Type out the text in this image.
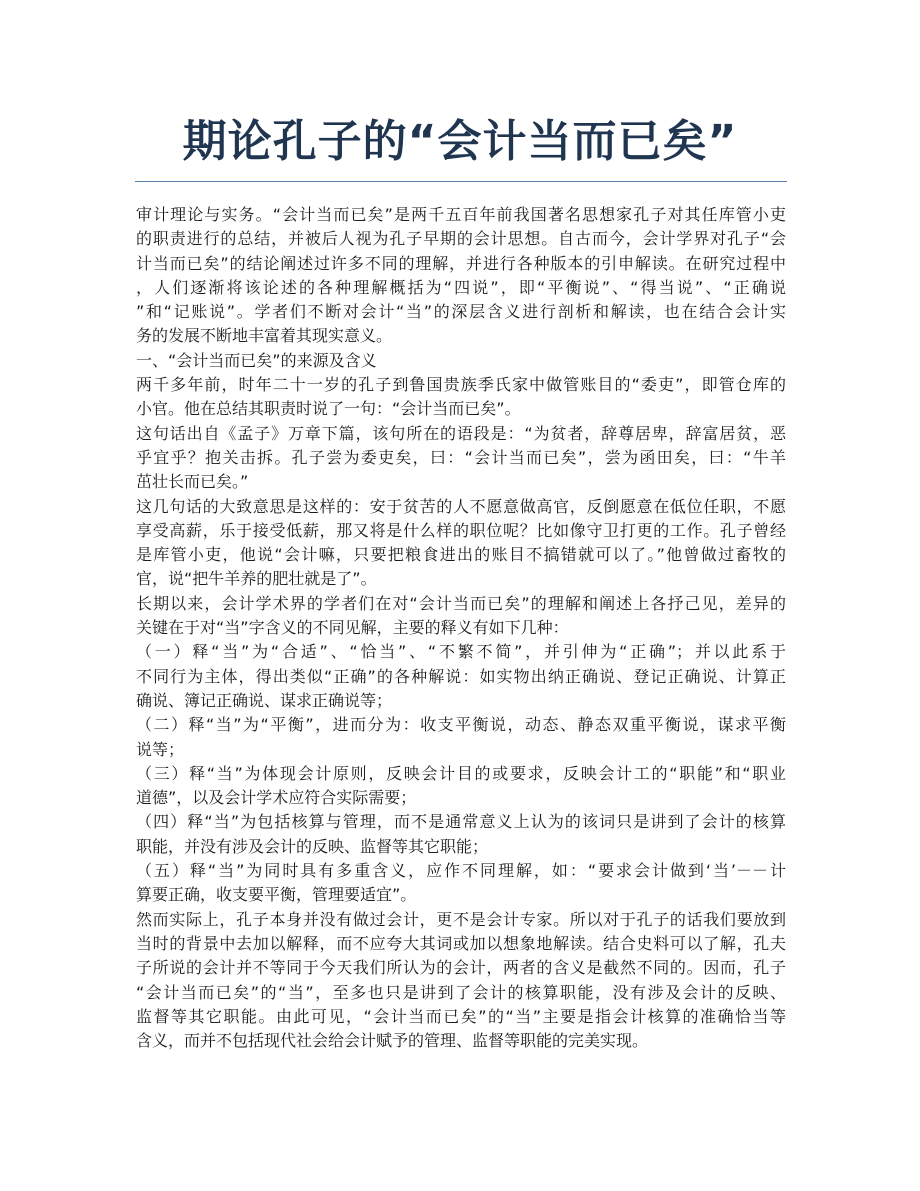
期论孔子的“会计当而已矣”
审计理论与实务。“会计当而已矣”是两千五百年前我国著名思想家孔子对其任库管小吏
的职责进行的总结，并被后人视为孔子早期的会计思想。自古而今，会计学界对孔子“会
计当而已矣”的结论阐述过许多不同的理解，并进行各种版本的引申解读。在研究过程中
，人们逐渐将该论述的各种理解概括为“四说”，即“平衡说”、“得当说”、“正确说
”和“记账说”。学者们不断对会计“当”的深层含义进行剖析和解读，也在结合会计实
务的发展不断地丰富着其现实意义。
一、“会计当而已矣”的来源及含义
两千多年前，时年二十一岁的孔子到鲁国贵族季氏家中做管账目的“委吏”，即管仓库的
小官。他在总结其职责时说了一句：“会计当而已矣”。
这句话出自《孟子》万章下篇，该句所在的语段是：“为贫者，辞尊居卑，辞富居贫，恶
乎宜乎？抱关击拆。孔子尝为委吏矣，曰：“会计当而已矣”，尝为函田矣，曰：“牛羊
茁壮长而已矣。”
这几句话的大致意思是这样的：安于贫苦的人不愿意做高官，反倒愿意在低位任职，不愿
享受高薪，乐于接受低薪，那又将是什么样的职位呢？比如像守卫打更的工作。孔子曾经
是库管小吏，他说“会计嘛，只要把粮食进出的账目不搞错就可以了。”他曾做过畜牧的
官，说“把牛羊养的肥壮就是了”。
长期以来，会计学术界的学者们在对“会计当而已矣”的理解和阐述上各抒己见，差异的
关键在于对“当”字含义的不同见解，主要的释义有如下几种：
（一）释“当”为“合适”、“恰当”、“不繁不简”，并引伸为“正确”；并以此系于
不同行为主体，得出类似“正确”的各种解说：如实物出纳正确说、登记正确说、计算正
确说、簿记正确说、谋求正确说等；
（二）释“当”为“平衡”，进而分为：收支平衡说，动态、静态双重平衡说，谋求平衡
说等；
（三）释“当”为体现会计原则，反映会计目的或要求，反映会计工的“职能”和“职业
道德”，以及会计学术应符合实际需要；
（四）释“当”为包括核算与管理，而不是通常意义上认为的该词只是讲到了会计的核算
职能，并没有涉及会计的反映、监督等其它职能；
（五）释“当”为同时具有多重含义，应作不同理解，如：“要求会计做到‘当’－－计
算要正确，收支要平衡，管理要适宜”。
然而实际上，孔子本身并没有做过会计，更不是会计专家。所以对于孔子的话我们要放到
当时的背景中去加以解释，而不应夸大其词或加以想象地解读。结合史料可以了解，孔夫
子所说的会计并不等同于今天我们所认为的会计，两者的含义是截然不同的。因而，孔子
“会计当而已矣”的“当”，至多也只是讲到了会计的核算职能，没有涉及会计的反映、
监督等其它职能。由此可见，“会计当而已矣”的“当”主要是指会计核算的准确恰当等
含义，而并不包括现代社会给会计赋予的管理、监督等职能的完美实现。
